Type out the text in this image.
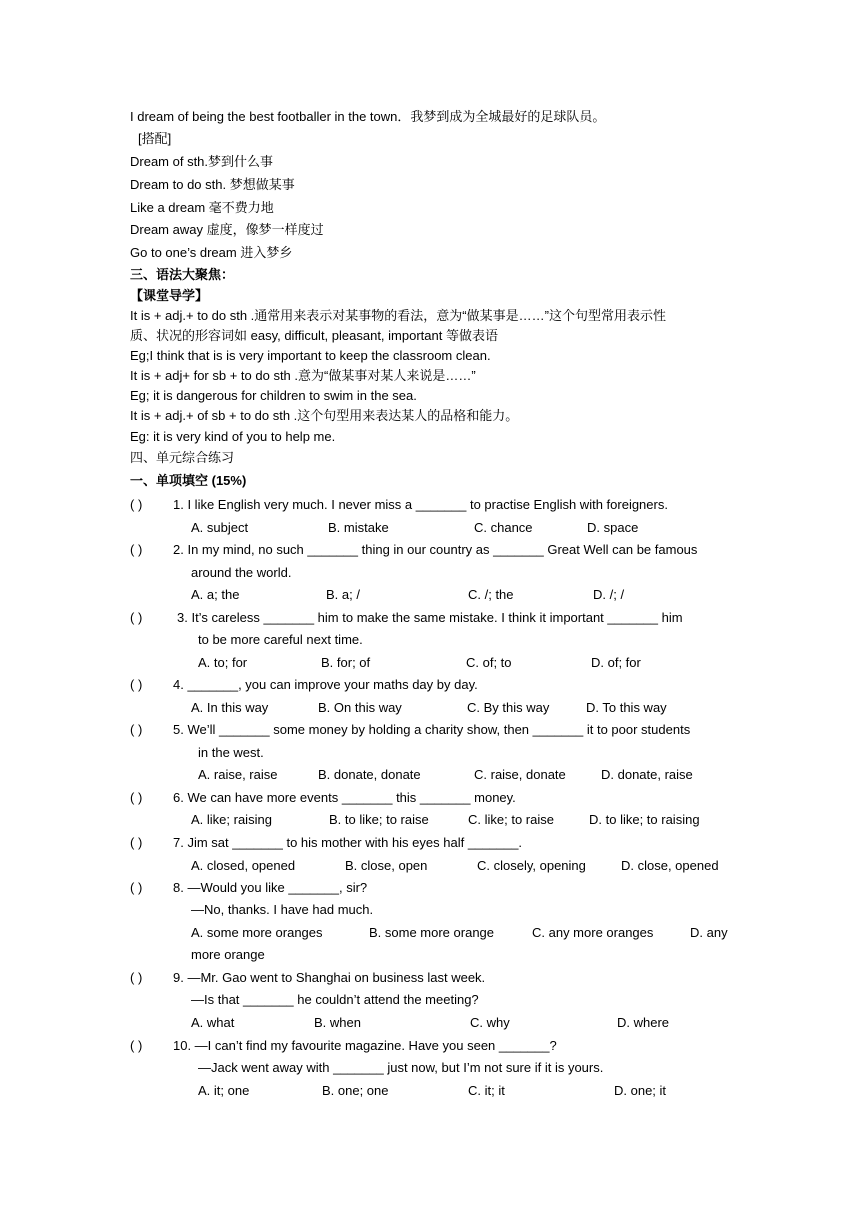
I dream of being the best footballer in the town．我梦到成为全城最好的足球队员。
[搭配]
Dream of sth.梦到什么事
Dream to do sth. 梦想做某事
Like a dream 毫不费力地
Dream away 虚度，像梦一样度过
Go to one’s dream 进入梦乡
三、语法大聚焦：
【课堂导学】
It is + adj.+ to do sth .通常用来表示对某事物的看法，意为“做某事是……”这个句型常用表示性
质、状况的形容词如 easy, difficult, pleasant, important 等做表语
Eg;I think that is is very important to keep the classroom clean.
It is + adj+ for sb + to do sth .意为“做某事对某人来说是……”
Eg; it is dangerous for children to swim in the sea.
It is + adj.+ of sb + to do sth .这个句型用来表达某人的品格和能力。
Eg: it is very kind of you to help me.
四、单元综合练习
一、单项填空 (15%)
( ) 1. I like English very much. I never miss a _______ to practise English with foreigners.
A. subject	B. mistake	C. chance	D. space
( ) 2. In my mind, no such _______ thing in our country as _______ Great Well can be famous
around the world.
A. a; the	B. a; /	C. /; the	D. /; /
( )	3. It’s careless _______ him to make the same mistake. I think it important _______ him
to be more careful next time.
A. to; for	B. for; of	C. of; to	D. of; for
( ) 4. _______, you can improve your maths day by day.
A. In this way	B. On this way	C. By this way	D. To this way
( ) 5. We’ll _______ some money by holding a charity show, then _______ it to poor students
in the west.
A. raise, raise	B. donate, donate	C. raise, donate	D. donate, raise
( ) 6. We can have more events _______ this _______ money.
A. like; raising	B. to like; to raise	C. like; to raise	D. to like; to raising
( ) 7. Jim sat _______ to his mother with his eyes half _______.
A. closed, opened	B. close, open	C. closely, opening	D. close, opened
( ) 8. —Would you like _______, sir?
—No, thanks. I have had much.
A. some more oranges	B. some more orange	C. any more oranges	D. any
more orange
( ) 9. —Mr. Gao went to Shanghai on business last week.
—Is that _______ he couldn’t attend the meeting?
A. what	B. when	C. why	D. where
( ) 10. —I can’t find my favourite magazine. Have you seen _______?
—Jack went away with _______ just now, but I’m not sure if it is yours.
A. it; one	B. one; one	C. it; it	D. one; it
